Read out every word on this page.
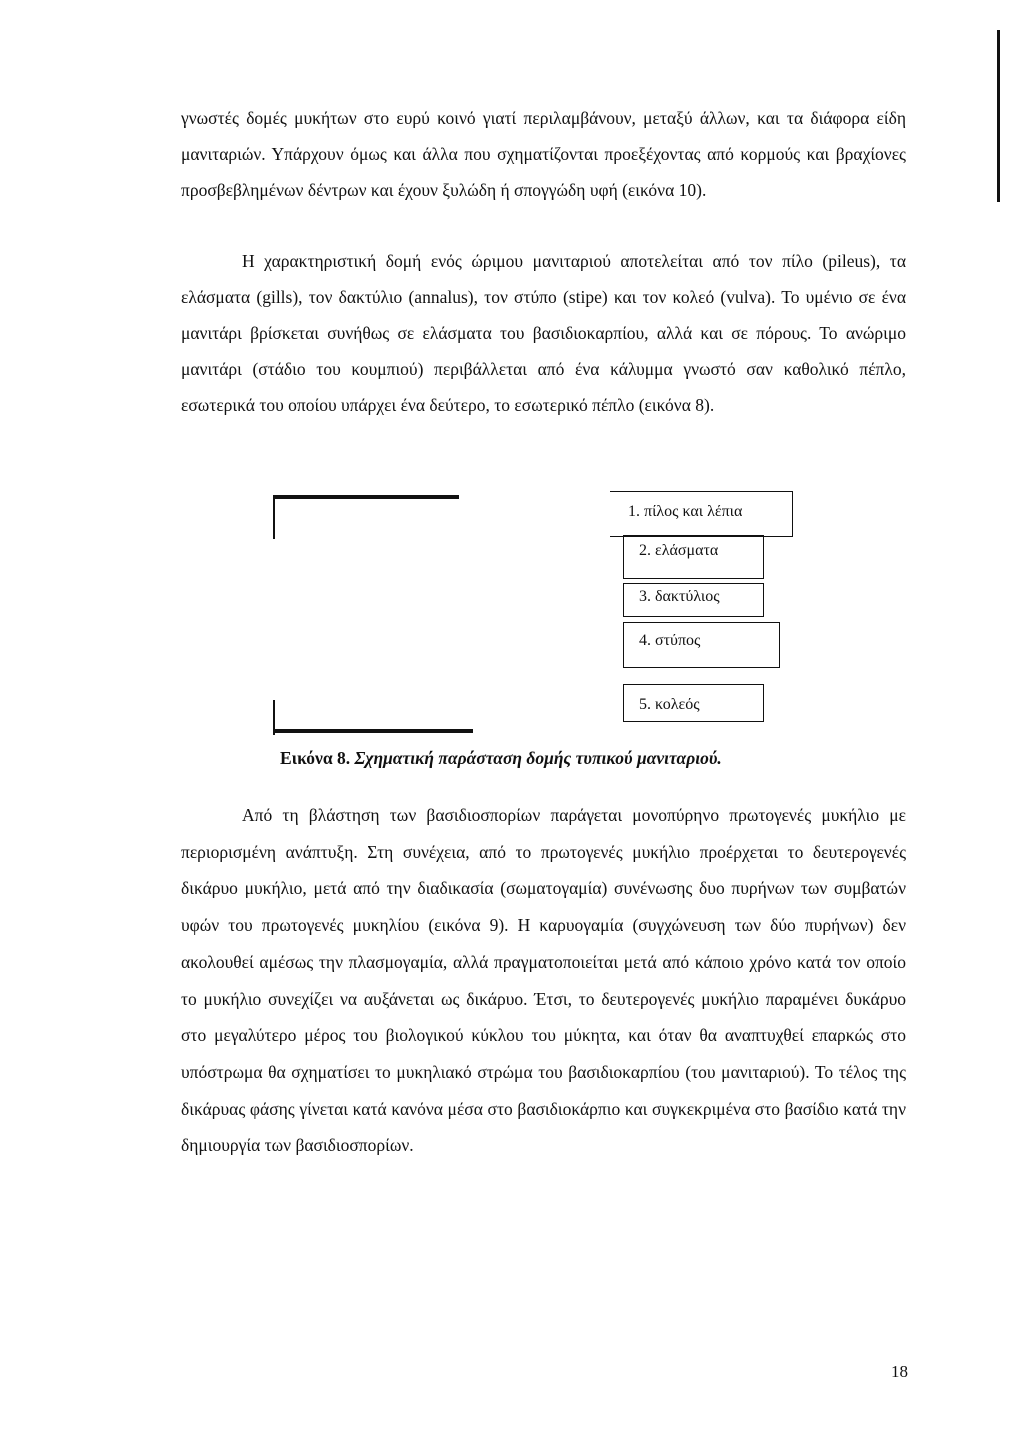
γνωστές δομές μυκήτων στο ευρύ κοινό γιατί περιλαμβάνουν, μεταξύ άλλων, και τα διάφορα είδη μανιταριών. Υπάρχουν όμως και άλλα που σχηματίζονται προεξέχοντας από κορμούς και βραχίονες προσβεβλημένων δέντρων και έχουν ξυλώδη ή σπογγώδη υφή (εικόνα 10).

Η χαρακτηριστική δομή ενός ώριμου μανιταριού αποτελείται από τον πίλο (pileus), τα ελάσματα (gills), τον δακτύλιο (annalus), τον στύπο (stipe) και τον κολεό (vulva). Το υμένιο σε ένα μανιτάρι βρίσκεται συνήθως σε ελάσματα του βασιδιοκαρπίου, αλλά και σε πόρους. Το ανώριμο μανιτάρι (στάδιο του κουμπιού) περιβάλλεται από ένα κάλυμμα γνωστό σαν καθολικό πέπλο, εσωτερικά του οποίου υπάρχει ένα δεύτερο, το εσωτερικό πέπλο (εικόνα 8).

1. πίλος και λέπια
2. ελάσματα
3. δακτύλιος
4. στύπος
5. κολεός
Εικόνα 8. Σχηματική παράσταση δομής τυπικού μανιταριού.

Από τη βλάστηση των βασιδιοσπορίων παράγεται μονοπύρηνο πρωτογενές μυκήλιο με περιορισμένη ανάπτυξη. Στη συνέχεια, από το πρωτογενές μυκήλιο προέρχεται το δευτερογενές δικάρυο μυκήλιο, μετά από την διαδικασία (σωματογαμία) συνένωσης δυο πυρήνων των συμβατών υφών του πρωτογενές μυκηλίου (εικόνα 9). Η καρυογαμία (συγχώνευση των δύο πυρήνων) δεν ακολουθεί αμέσως την πλασμογαμία, αλλά πραγματοποιείται μετά από κάποιο χρόνο κατά τον οποίο το μυκήλιο συνεχίζει να αυξάνεται ως δικάρυο. Έτσι, το δευτερογενές μυκήλιο παραμένει δυκάρυο στο μεγαλύτερο μέρος του βιολογικού κύκλου του μύκητα, και όταν θα αναπτυχθεί επαρκώς στο υπόστρωμα θα σχηματίσει το μυκηλιακό στρώμα του βασιδιοκαρπίου (του μανιταριού). Το τέλος της δικάρυας φάσης γίνεται κατά κανόνα μέσα στο βασιδιοκάρπιο και συγκεκριμένα στο βασίδιο κατά την δημιουργία των βασιδιοσπορίων.

18
